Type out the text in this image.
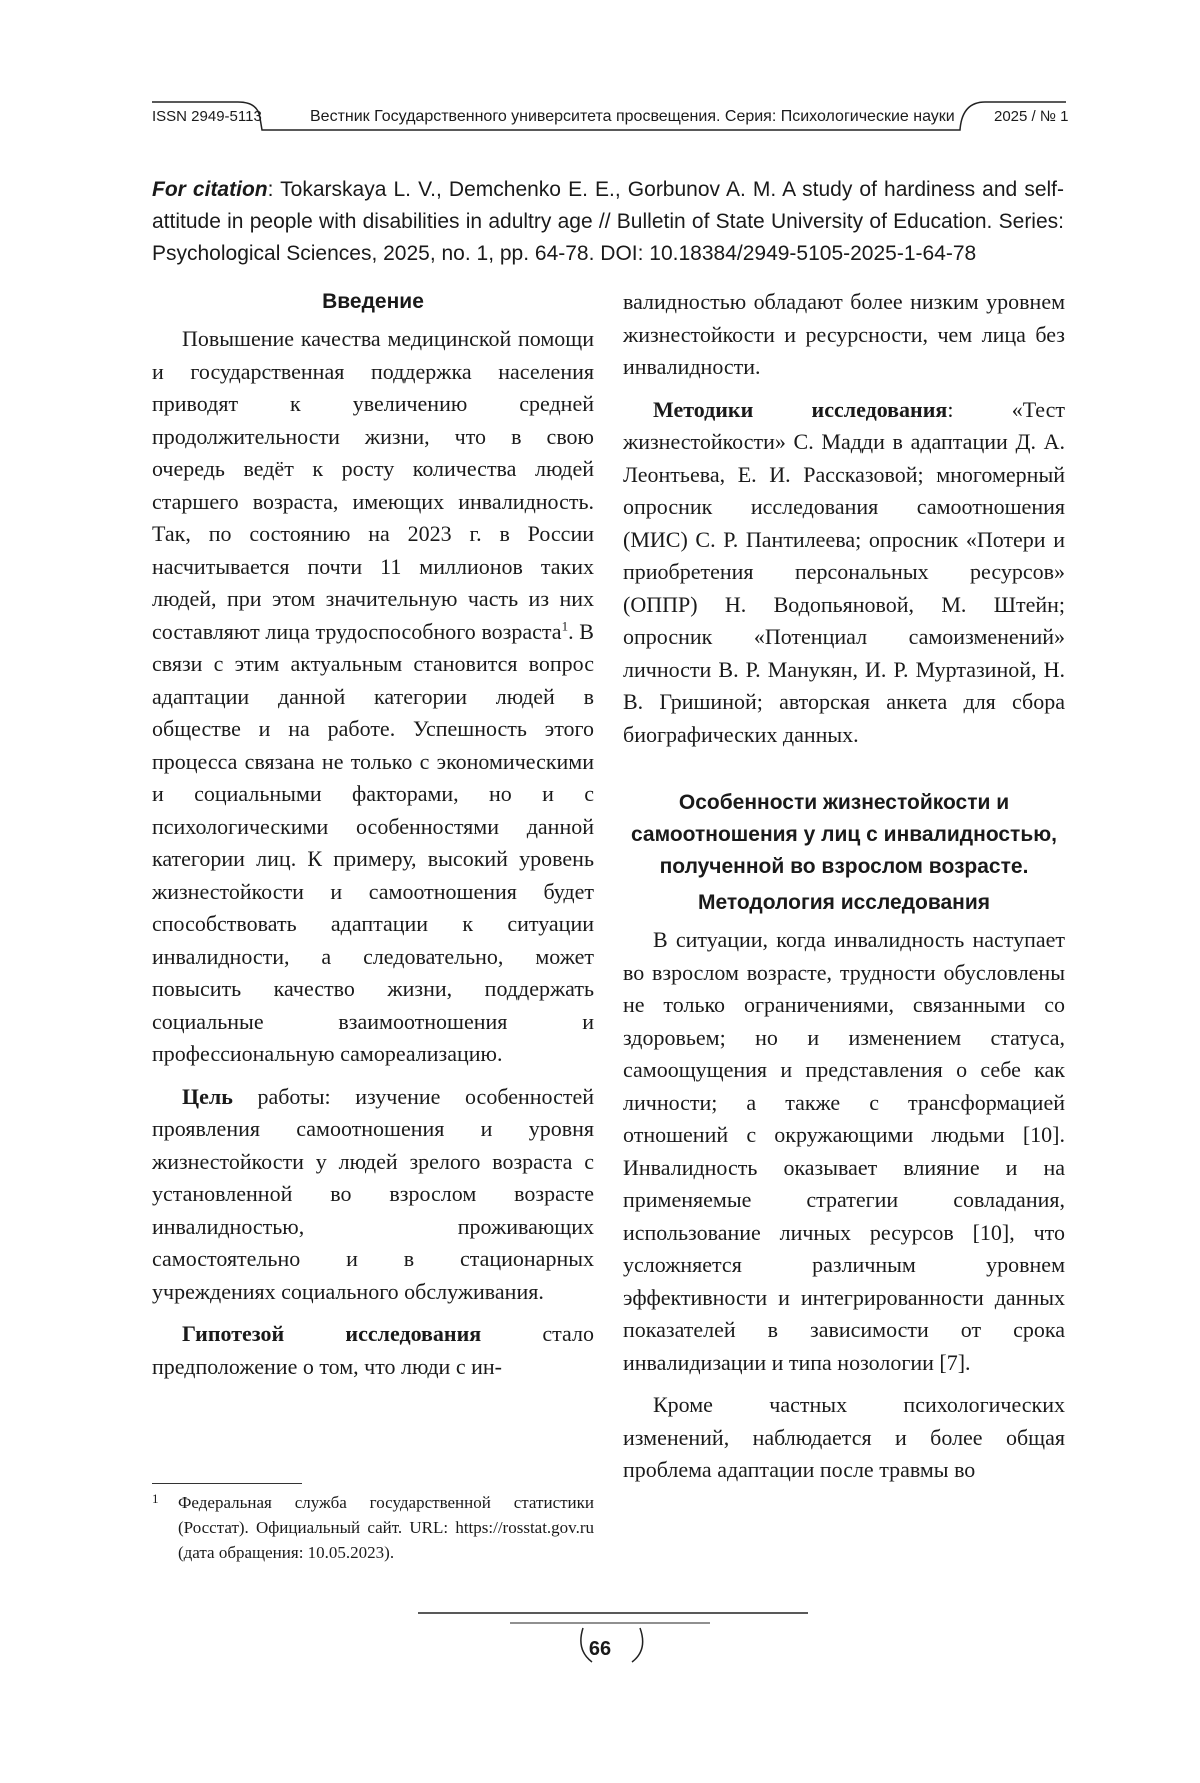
ISSN 2949-5113	Вестник Государственного университета просвещения. Серия: Психологические науки	2025 / № 1
For citation: Tokarskaya L. V., Demchenko E. E., Gorbunov A. M. A study of hardiness and self-attitude in people with disabilities in adultry age // Bulletin of State University of Education. Series: Psychological Sciences, 2025, no. 1, pp. 64-78. DOI: 10.18384/2949-5105-2025-1-64-78
Введение

Повышение качества медицинской помощи и государственная поддержка населения приводят к увеличению средней продолжительности жизни, что в свою очередь ведёт к росту количества людей старшего возраста, имеющих инвалидность. Так, по состоянию на 2023 г. в России насчитывается почти 11 миллионов таких людей, при этом значительную часть из них составляют лица трудоспособного возраста$^1$. В связи с этим актуальным становится вопрос адаптации данной категории людей в обществе и на работе. Успешность этого процесса связана не только с экономическими и социальными факторами, но и с психологическими особенностями данной категории лиц. К примеру, высокий уровень жизнестойкости и самоотношения будет способствовать адаптации к ситуации инвалидности, а следовательно, может повысить качество жизни, поддержать социальные взаимоотношения и профессиональную самореализацию.

Цель работы: изучение особенностей проявления самоотношения и уровня жизнестойкости у людей зрелого возраста с установленной во взрослом возрасте инвалидностью, проживающих самостоятельно и в стационарных учреждениях социального обслуживания.

Гипотезой исследования стало предположение о том, что люди с ин-

1 Федеральная служба государственной статистики (Росстат). Официальный сайт. URL: https://rosstat.gov.ru (дата обращения: 10.05.2023).

валидностью обладают более низким уровнем жизнестойкости и ресурсности, чем лица без инвалидности.

Методики исследования: «Тест жизнестойкости» С. Мадди в адаптации Д. А. Леонтьева, Е. И. Рассказовой; многомерный опросник исследования самоотношения (МИС) С. Р. Пантилеева; опросник «Потери и приобретения персональных ресурсов» (ОППР) Н. Водопьяновой, М. Штейн; опросник «Потенциал самоизменений» личности В. Р. Манукян, И. Р. Муртазиной, Н. В. Гришиной; авторская анкета для сбора биографических данных.

Особенности жизнестойкости и самоотношения у лиц с инвалидностью, полученной во взрослом возрасте.
Методология исследования

В ситуации, когда инвалидность наступает во взрослом возрасте, трудности обусловлены не только ограничениями, связанными со здоровьем; но и изменением статуса, самоощущения и представления о себе как личности; а также с трансформацией отношений с окружающими людьми [10]. Инвалидность оказывает влияние и на применяемые стратегии совладания, использование личных ресурсов [10], что усложняется различным уровнем эффективности и интегрированности данных показателей в зависимости от срока инвалидизации и типа нозологии [7].

Кроме частных психологических изменений, наблюдается и более общая проблема адаптации после травмы во

66
